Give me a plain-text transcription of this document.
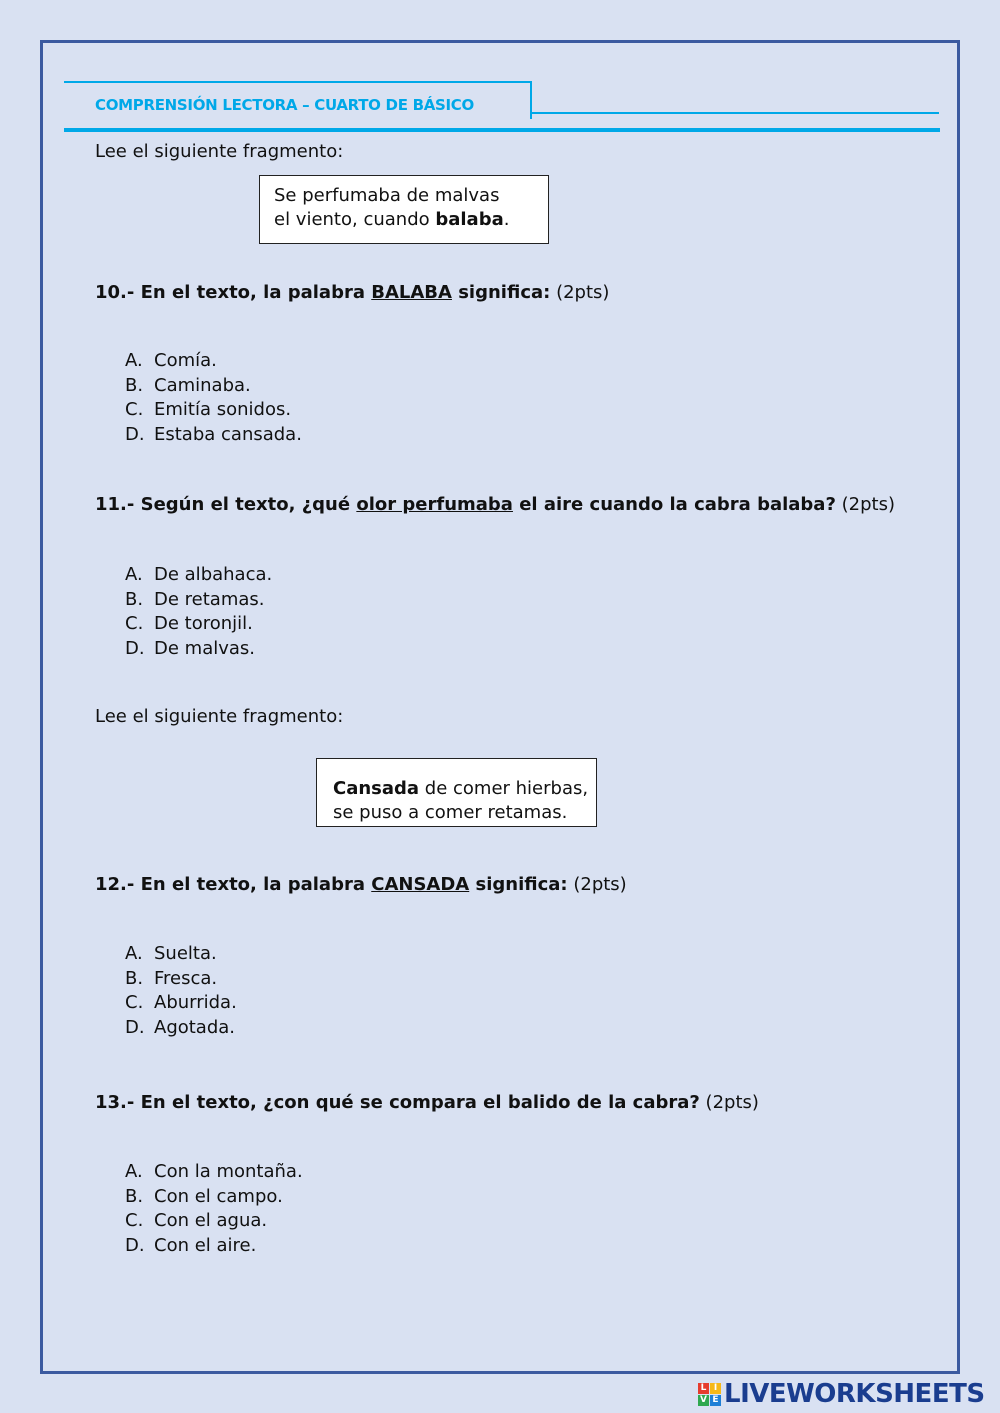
COMPRENSIÓN LECTORA – CUARTO DE BÁSICO
Lee el siguiente fragmento:
Se perfumaba de malvas
el viento, cuando balaba.
10.- En el texto, la palabra BALABA significa: (2pts)
A. Comía.
B. Caminaba.
C. Emitía sonidos.
D. Estaba cansada.
11.- Según el texto, ¿qué olor perfumaba el aire cuando la cabra balaba? (2pts)
A. De albahaca.
B. De retamas.
C. De toronjil.
D. De malvas.
Lee el siguiente fragmento:
Cansada de comer hierbas,
se puso a comer retamas.
12.- En el texto, la palabra CANSADA significa: (2pts)
A. Suelta.
B. Fresca.
C. Aburrida.
D. Agotada.
13.- En el texto, ¿con qué se compara el balido de la cabra? (2pts)
A. Con la montaña.
B. Con el campo.
C. Con el agua.
D. Con el aire.
L I
V E LIVEWORKSHEETS
